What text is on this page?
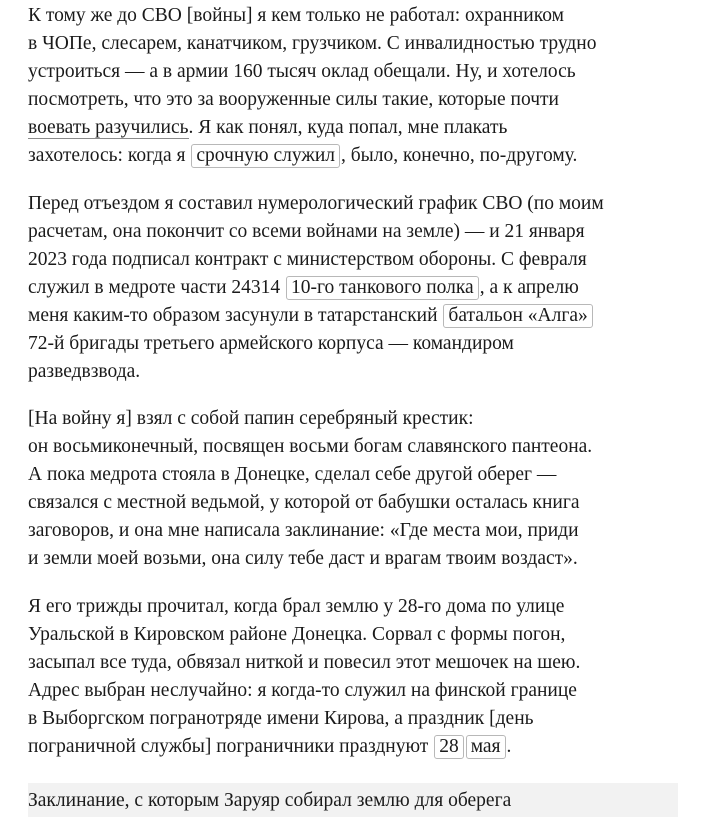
К тому же до СВО [войны] я кем только не работал: охранником
в ЧОПе, слесарем, канатчиком, грузчиком. С инвалидностью трудно
устроиться — а в армии 160 тысяч оклад обещали. Ну, и хотелось
посмотреть, что это за вооруженные силы такие, которые почти
воевать разучились. Я как понял, куда попал, мне плакать
захотелось: когда я срочную служил , было, конечно, по-другому.

Перед отъездом я составил нумерологический график СВО (по моим
расчетам, она покончит со всеми войнами на земле) — и 21 января
2023 года подписал контракт с министерством обороны. С февраля
служил в медроте части 24314 10-го танкового полка , а к апрелю
меня каким-то образом засунули в татарстанский батальон «Алга»
72-й бригады третьего армейского корпуса — командиром
разведвзвода.

[На войну я] взял с собой папин серебряный крестик:
он восьмиконечный, посвящен восьми богам славянского пантеона.
А пока медрота стояла в Донецке, сделал себе другой оберег —
связался с местной ведьмой, у которой от бабушки осталась книга
заговоров, и она мне написала заклинание: «Где места мои, приди
и земли моей возьми, она силу тебе даст и врагам твоим воздаст».

Я его трижды прочитал, когда брал землю у 28-го дома по улице
Уральской в Кировском районе Донецка. Сорвал с формы погон,
засыпал все туда, обвязал ниткой и повесил этот мешочек на шею.
Адрес выбран неслучайно: я когда-то служил на финской границе
в Выборгском погранотряде имени Кирова, а праздник [день
пограничной службы] пограничники празднуют 28 мая .

Заклинание, с которым Заруяр собирал землю для оберега
